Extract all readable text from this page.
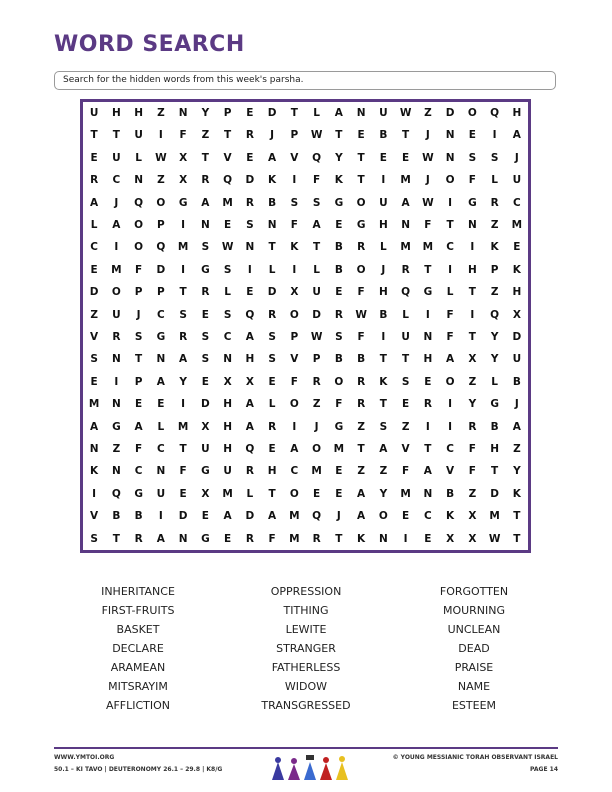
WORD SEARCH
Search for the hidden words from this week's parsha.
U	H	H	Z	N	Y	P	E	D	T	L	A	N	U	W	Z	D	O	Q	H
T	T	U	I	F	Z	T	R	J	P	W	T	E	B	T	J	N	E	I	A
E	U	L	W	X	T	V	E	A	V	Q	Y	T	E	E	W	N	S	S	J
R	C	N	Z	X	R	Q	D	K	I	F	K	T	I	M	J	O	F	L	U
A	J	Q	O	G	A	M	R	B	S	S	G	O	U	A	W	I	G	R	C
L	A	O	P	I	N	E	S	N	F	A	E	G	H	N	F	T	N	Z	M
C	I	O	Q	M	S	W	N	T	K	T	B	R	L	M	M	C	I	K	E
E	M	F	D	I	G	S	I	L	I	L	B	O	J	R	T	I	H	P	K
D	O	P	P	T	R	L	E	D	X	U	E	F	H	Q	G	L	T	Z	H
Z	U	J	C	S	E	S	Q	R	O	D	R	W	B	L	I	F	I	Q	X
V	R	S	G	R	S	C	A	S	P	W	S	F	I	U	N	F	T	Y	D
S	N	T	N	A	S	N	H	S	V	P	B	B	T	T	H	A	X	Y	U
E	I	P	A	Y	E	X	X	E	F	R	O	R	K	S	E	O	Z	L	B
M	N	E	E	I	D	H	A	L	O	Z	F	R	T	E	R	I	Y	G	J
A	G	A	L	M	X	H	A	R	I	J	G	Z	S	Z	I	I	R	B	A
N	Z	F	C	T	U	H	Q	E	A	O	M	T	A	V	T	C	F	H	Z
K	N	C	N	F	G	U	R	H	C	M	E	Z	Z	F	A	V	F	T	Y
I	Q	G	U	E	X	M	L	T	O	E	E	A	Y	M	N	B	Z	D	K
V	B	B	I	D	E	A	D	A	M	Q	J	A	O	E	C	K	X	M	T
S	T	R	A	N	G	E	R	F	M	R	T	K	N	I	E	X	X	W	T
INHERITANCE
FIRST-FRUITS
BASKET
DECLARE
ARAMEAN
MITSRAYIM
AFFLICTION
OPPRESSION
TITHING
LEWITE
STRANGER
FATHERLESS
WIDOW
TRANSGRESSED
FORGOTTEN
MOURNING
UNCLEAN
DEAD
PRAISE
NAME
ESTEEM
WWW.YMTOI.ORG
50.1 – KI TAVO | DEUTERONOMY 26.1 – 29.8 | K8/G
© YOUNG MESSIANIC TORAH OBSERVANT ISRAEL
PAGE 14
